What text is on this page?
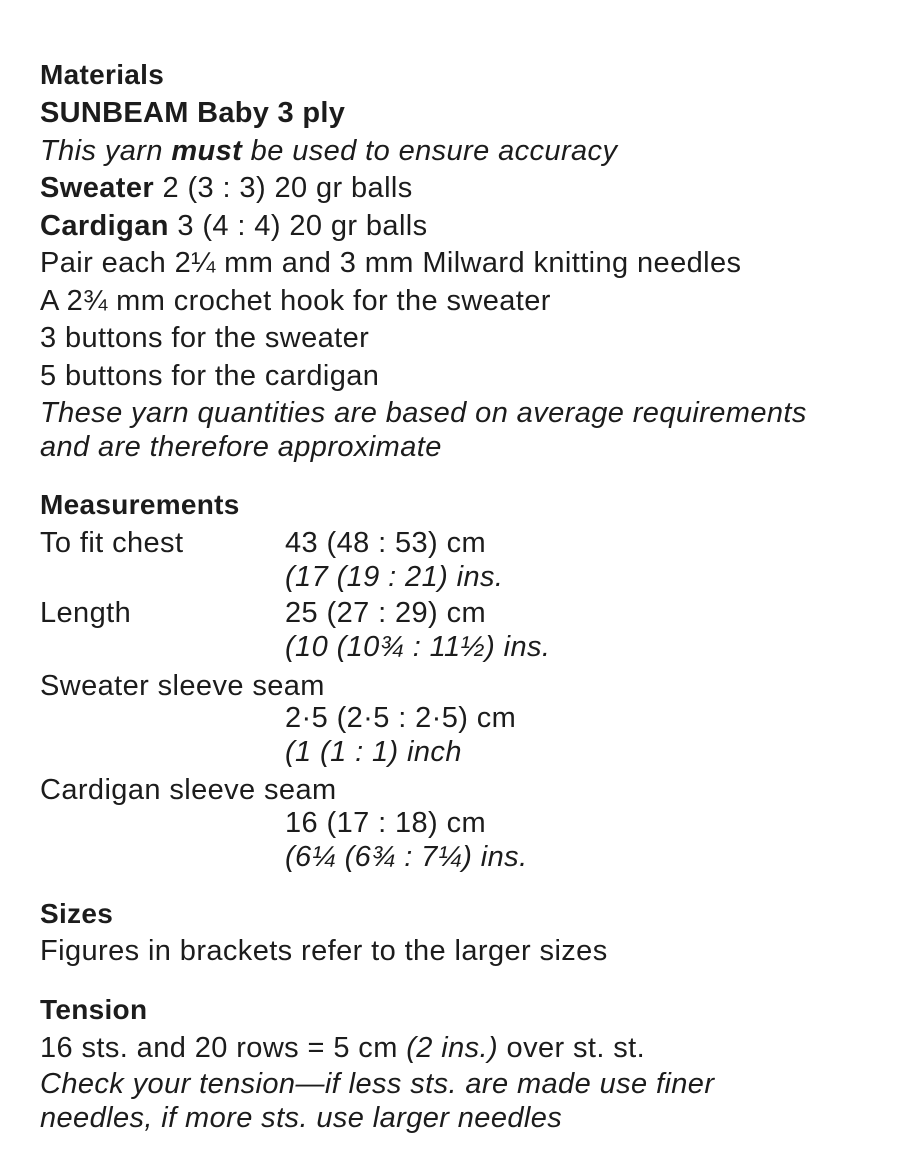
Materials
SUNBEAM Baby 3 ply
This yarn must be used to ensure accuracy
Sweater 2 (3 : 3) 20 gr balls
Cardigan 3 (4 : 4) 20 gr balls
Pair each 2¼ mm and 3 mm Milward knitting needles
A 2¾ mm crochet hook for the sweater
3 buttons for the sweater
5 buttons for the cardigan
These yarn quantities are based on average requirements
and are therefore approximate
Measurements
To fit chest	43 (48 : 53) cm
(17 (19 : 21) ins.
Length	25 (27 : 29) cm
(10 (10¾ : 11½) ins.
Sweater sleeve seam
2·5 (2·5 : 2·5) cm
(1 (1 : 1) inch
Cardigan sleeve seam
16 (17 : 18) cm
(6¼ (6¾ : 7¼) ins.
Sizes
Figures in brackets refer to the larger sizes
Tension
16 sts. and 20 rows = 5 cm (2 ins.) over st. st.
Check your tension—if less sts. are made use finer
needles, if more sts. use larger needles
